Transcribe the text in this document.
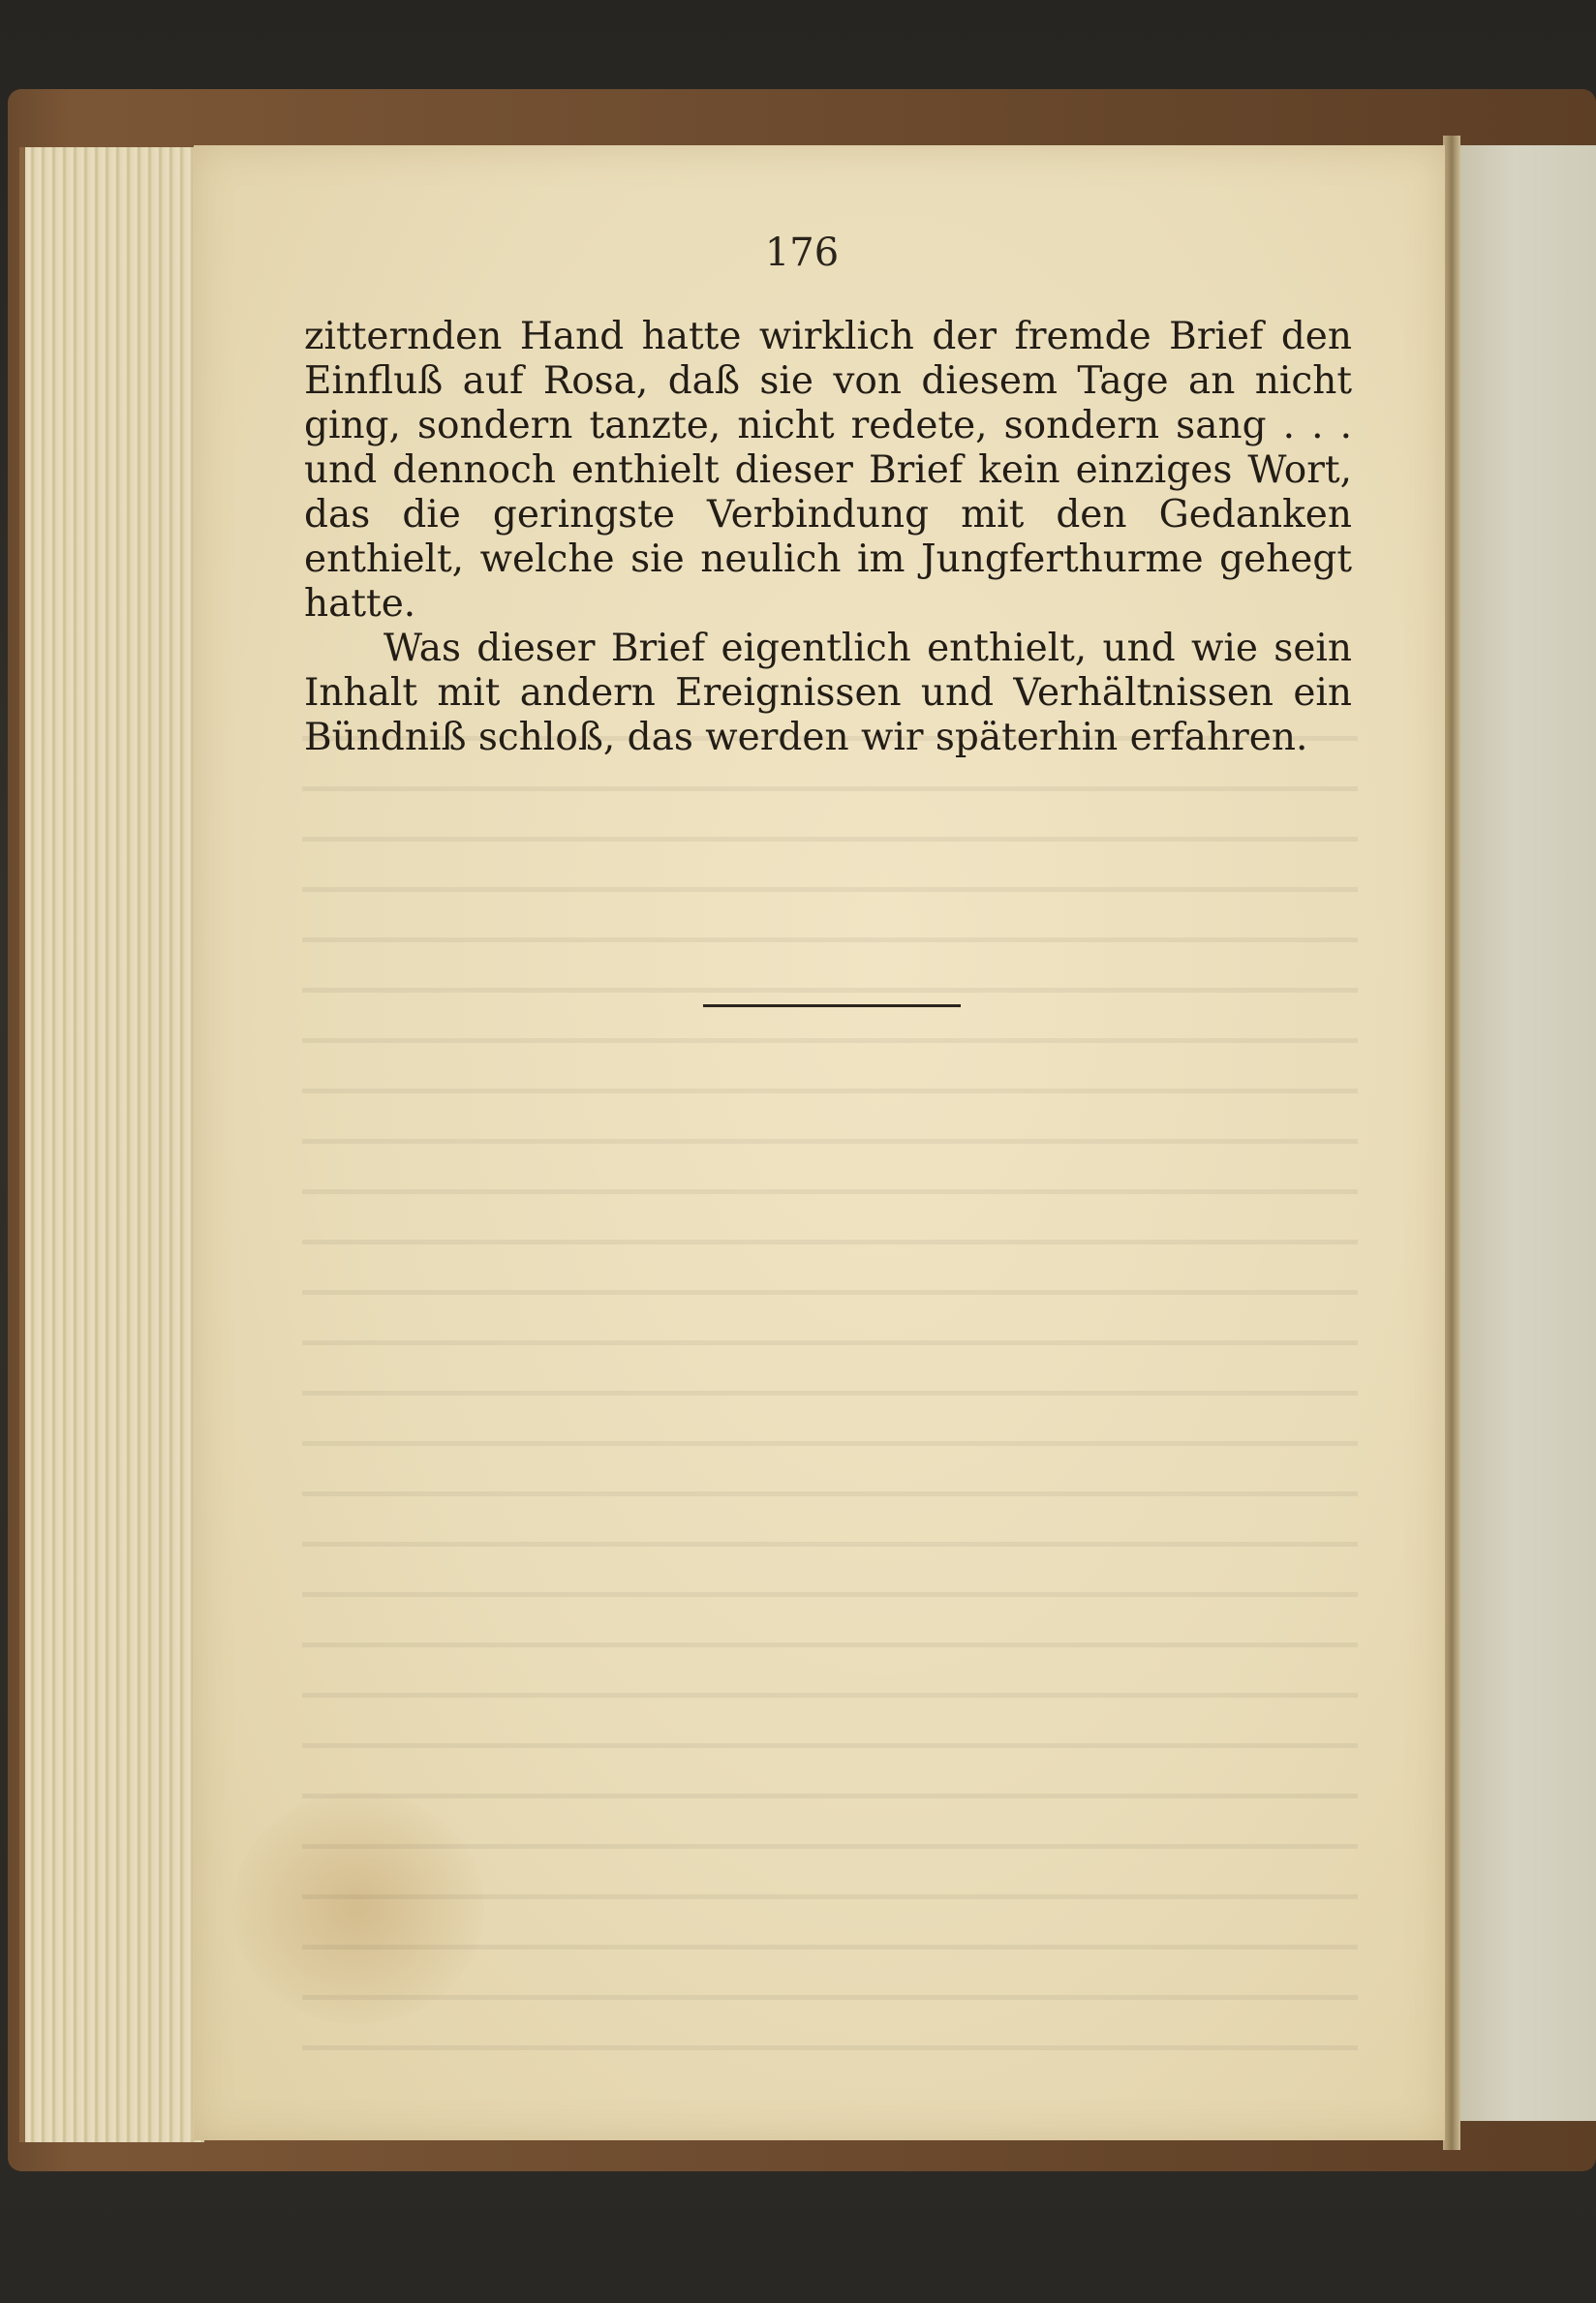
176
zitternden Hand hatte wirklich der fremde Brief den
Einfluß auf Rosa, daß sie von diesem Tage an nicht
ging, sondern tanzte, nicht redete, sondern sang . . .
und dennoch enthielt dieser Brief kein einziges Wort,
das die geringste Verbindung mit den Gedanken
enthielt, welche sie neulich im Jungferthurme gehegt
hatte.
Was dieser Brief eigentlich enthielt, und wie sein
Inhalt mit andern Ereignissen und Verhältnissen ein
Bündniß schloß, das werden wir späterhin erfahren.
